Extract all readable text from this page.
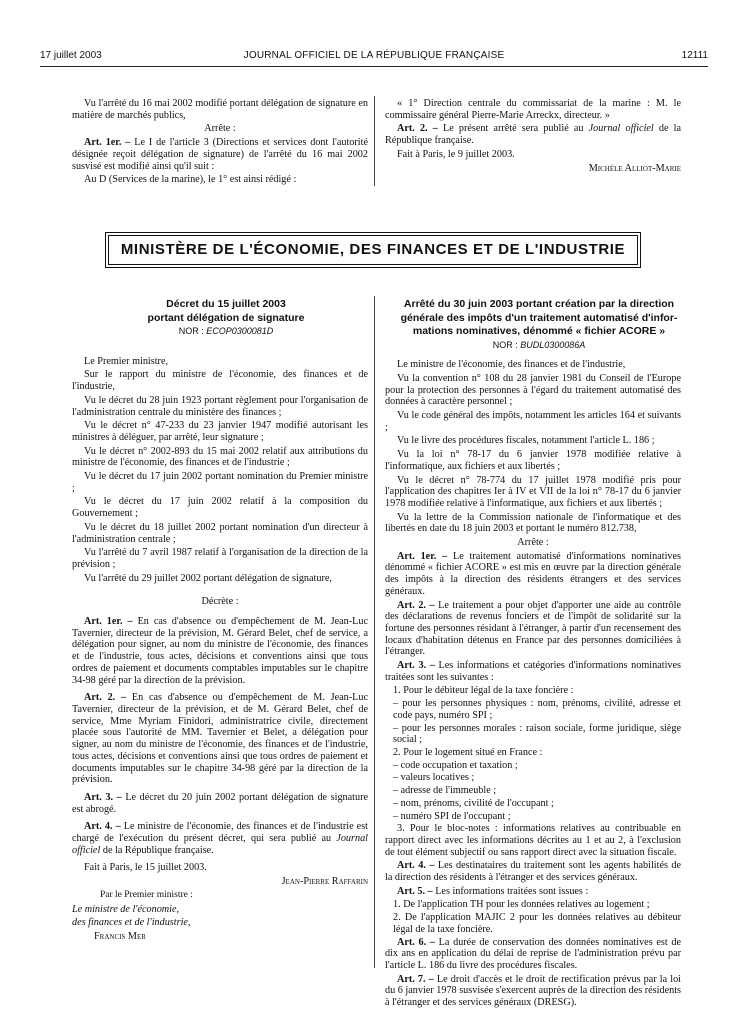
17 juillet 2003	JOURNAL OFFICIEL DE LA RÉPUBLIQUE FRANÇAISE	12111

Vu l'arrêté du 16 mai 2002 modifié portant délégation de signature en matière de marchés publics,

Arrête :

Art. 1er. – Le I de l'article 3 (Directions et services dont l'autorité désignée reçoit délégation de signature) de l'arrêté du 16 mai 2002 susvisé est modifié ainsi qu'il suit :

Au D (Services de la marine), le 1° est ainsi rédigé :

« 1° Direction centrale du commissariat de la marine : M. le commissaire général Pierre-Marie Arreckx, directeur. »

Art. 2. – Le présent arrêté sera publié au Journal officiel de la République française.

Fait à Paris, le 9 juillet 2003.

Michèle Alliot-Marie

MINISTÈRE DE L'ÉCONOMIE, DES FINANCES ET DE L'INDUSTRIE

Décret du 15 juillet 2003

portant délégation de signature

NOR : ECOP0300081D

Le Premier ministre,

Sur le rapport du ministre de l'économie, des finances et de l'industrie,

Vu le décret du 28 juin 1923 portant règlement pour l'organisation de l'administration centrale du ministère des finances ;

Vu le décret n° 47-233 du 23 janvier 1947 modifié autorisant les ministres à déléguer, par arrêté, leur signature ;

Vu le décret n° 2002-893 du 15 mai 2002 relatif aux attributions du ministre de l'économie, des finances et de l'industrie ;

Vu le décret du 17 juin 2002 portant nomination du Premier ministre ;

Vu le décret du 17 juin 2002 relatif à la composition du Gouvernement ;

Vu le décret du 18 juillet 2002 portant nomination d'un directeur à l'administration centrale ;

Vu l'arrêté du 7 avril 1987 relatif à l'organisation de la direction de la prévision ;

Vu l'arrêté du 29 juillet 2002 portant délégation de signature,

Décrète :

Art. 1er. – En cas d'absence ou d'empêchement de M. Jean-Luc Tavernier, directeur de la prévision, M. Gérard Belet, chef de service, a délégation pour signer, au nom du ministre de l'économie, des finances et de l'industrie, tous actes, décisions et conventions ainsi que tous ordres de paiement et documents comptables imputables sur le chapitre 34-98 géré par la direction de la prévision.

Art. 2. – En cas d'absence ou d'empêchement de M. Jean-Luc Tavernier, directeur de la prévision, et de M. Gérard Belet, chef de service, Mme Myriam Finidori, administratrice civile, directement placée sous l'autorité de MM. Tavernier et Belet, a délégation pour signer, au nom du ministre de l'économie, des finances et de l'industrie, tous actes, décisions et conventions ainsi que tous ordres de paiement et documents imputables sur le chapitre 34-98 géré par la direction de la prévision.

Art. 3. – Le décret du 20 juin 2002 portant délégation de signature est abrogé.

Art. 4. – Le ministre de l'économie, des finances et de l'industrie est chargé de l'exécution du présent décret, qui sera publié au Journal officiel de la République française.

Fait à Paris, le 15 juillet 2003.

Jean-Pierre Raffarin

Par le Premier ministre :

Le ministre de l'économie,

des finances et de l'industrie,

Francis Mer

Arrêté du 30 juin 2003 portant création par la direction

générale des impôts d'un traitement automatisé d'infor-

mations nominatives, dénommé « fichier ACORE »

NOR : BUDL0300086A

Le ministre de l'économie, des finances et de l'industrie,

Vu la convention n° 108 du 28 janvier 1981 du Conseil de l'Europe pour la protection des personnes à l'égard du traitement automatisé des données à caractère personnel ;

Vu le code général des impôts, notamment les articles 164 et suivants ;

Vu le livre des procédures fiscales, notamment l'article L. 186 ;

Vu la loi n° 78-17 du 6 janvier 1978 modifiée relative à l'informatique, aux fichiers et aux libertés ;

Vu le décret n° 78-774 du 17 juillet 1978 modifié pris pour l'application des chapitres Ier à IV et VII de la loi n° 78-17 du 6 janvier 1978 modifiée relative à l'informatique, aux fichiers et aux libertés ;

Vu la lettre de la Commission nationale de l'informatique et des libertés en date du 18 juin 2003 et portant le numéro 812.738,

Arrête :

Art. 1er. – Le traitement automatisé d'informations nominatives dénommé « fichier ACORE » est mis en œuvre par la direction générale des impôts à la direction des résidents étrangers et des services généraux.

Art. 2. – Le traitement a pour objet d'apporter une aide au contrôle des déclarations de revenus fonciers et de l'impôt de solidarité sur la fortune des personnes résidant à l'étranger, à partir d'un recensement des locaux d'habitation détenus en France par des personnes domiciliées à l'étranger.

Art. 3. – Les informations et catégories d'informations nominatives traitées sont les suivantes :

1. Pour le débiteur légal de la taxe foncière :

– pour les personnes physiques : nom, prénoms, civilité, adresse et code pays, numéro SPI ;

– pour les personnes morales : raison sociale, forme juridique, siège social ;

2. Pour le logement situé en France :

– code occupation et taxation ;

– valeurs locatives ;

– adresse de l'immeuble ;

– nom, prénoms, civilité de l'occupant ;

– numéro SPI de l'occupant ;

3. Pour le bloc-notes : informations relatives au contribuable en rapport direct avec les informations décrites au 1 et au 2, à l'exclusion de tout élément subjectif ou sans rapport direct avec la situation fiscale.

Art. 4. – Les destinataires du traitement sont les agents habilités de la direction des résidents à l'étranger et des services généraux.

Art. 5. – Les informations traitées sont issues :

1. De l'application TH pour les données relatives au logement ;

2. De l'application MAJIC 2 pour les données relatives au débiteur légal de la taxe foncière.

Art. 6. – La durée de conservation des données nominatives est de dix ans en application du délai de reprise de l'administration prévu par l'article L. 186 du livre des procédures fiscales.

Art. 7. – Le droit d'accès et le droit de rectification prévus par la loi du 6 janvier 1978 susvisée s'exercent auprès de la direction des résidents à l'étranger et des services généraux (DRESG).
